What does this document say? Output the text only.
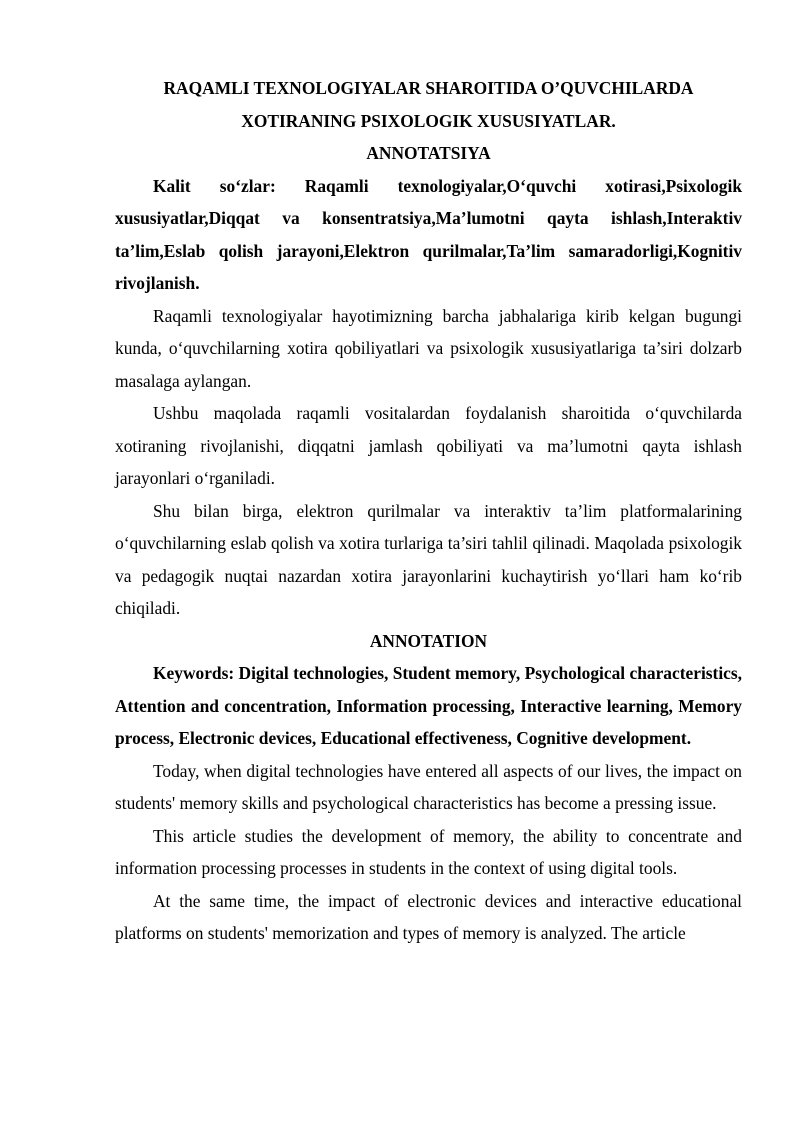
RAQAMLI TEXNOLOGIYALAR SHAROITIDA O’QUVCHILARDA
XOTIRANING PSIXOLOGIK XUSUSIYATLAR.
ANNOTATSIYA

Kalit so‘zlar: Raqamli texnologiyalar,O‘quvchi xotirasi,Psixologik xususiyatlar,Diqqat va konsentratsiya,Ma’lumotni qayta ishlash,Interaktiv ta’lim,Eslab qolish jarayoni,Elektron qurilmalar,Ta’lim samaradorligi,Kognitiv rivojlanish.

Raqamli texnologiyalar hayotimizning barcha jabhalariga kirib kelgan bugungi kunda, o‘quvchilarning xotira qobiliyatlari va psixologik xususiyatlariga ta’siri dolzarb masalaga aylangan.

Ushbu maqolada raqamli vositalardan foydalanish sharoitida o‘quvchilarda xotiraning rivojlanishi, diqqatni jamlash qobiliyati va ma’lumotni qayta ishlash jarayonlari o‘rganiladi.

Shu bilan birga, elektron qurilmalar va interaktiv ta’lim platformalarining o‘quvchilarning eslab qolish va xotira turlariga ta’siri tahlil qilinadi. Maqolada psixologik va pedagogik nuqtai nazardan xotira jarayonlarini kuchaytirish yo‘llari ham ko‘rib chiqiladi.

ANNOTATION

Keywords: Digital technologies, Student memory, Psychological characteristics, Attention and concentration, Information processing, Interactive learning, Memory process, Electronic devices, Educational effectiveness, Cognitive development.

Today, when digital technologies have entered all aspects of our lives, the impact on students' memory skills and psychological characteristics has become a pressing issue.

This article studies the development of memory, the ability to concentrate and information processing processes in students in the context of using digital tools.

At the same time, the impact of electronic devices and interactive educational platforms on students' memorization and types of memory is analyzed. The article
